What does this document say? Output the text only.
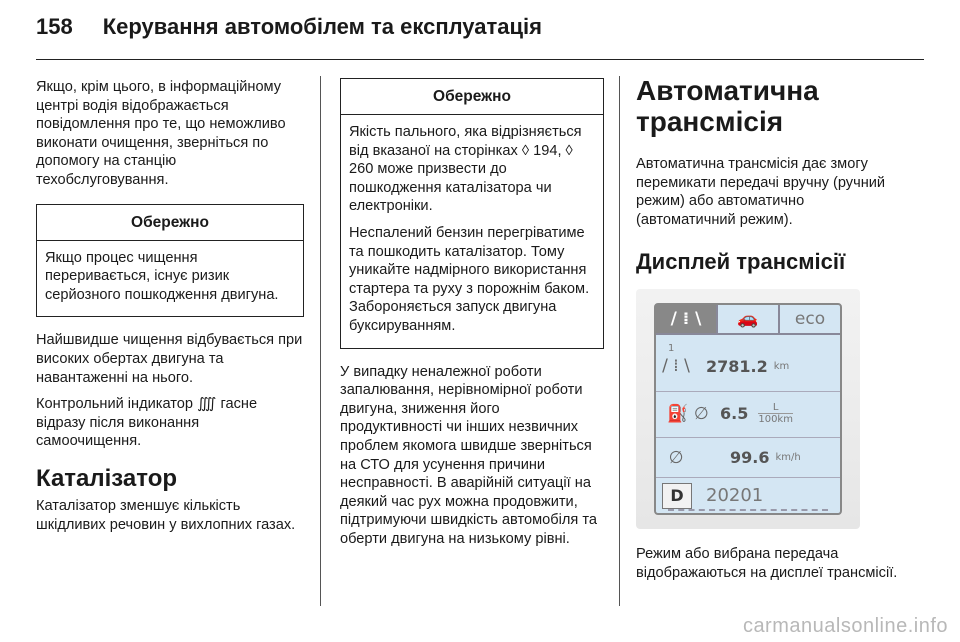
158 Керування автомобілем та експлуатація

Якщо, крім цього, в інформаційному центрі водія відображається повідомлення про те, що неможливо виконати очищення, зверніться по допомогу на станцію техобслуговування.

Обережно

Якщо процес чищення переривається, існує ризик серйозного пошкодження двигуна.

Найшвидше чищення відбувається при високих обертах двигуна та навантаженні на нього.

Контрольний індикатор ⨌ гасне відразу після виконання самоочищення.

Каталізатор

Каталізатор зменшує кількість шкідливих речовин у вихлопних газах.

Обережно

Якість пального, яка відрізняється від вказаної на сторінках ◊ 194, ◊ 260 може призвести до пошкодження каталізатора чи електроніки.

Неспалений бензин перегріватиме та пошкодить каталізатор. Тому уникайте надмірного використання стартера та руху з порожнім баком. Забороняється запуск двигуна буксируванням.

У випадку неналежної роботи запалювання, нерівномірної роботи двигуна, зниження його продуктивності чи інших незвичних проблем якомога швидше зверніться на СТО для усунення причини несправності. В аварійній ситуації на деякий час рух можна продовжити, підтримуючи швидкість автомобіля та оберти двигуна на низькому рівні.

Автоматична трансмісія

Автоматична трансмісія дає змогу перемикати передачі вручну (ручний режим) або автоматично (автоматичний режим).

Дисплей трансмісії
/ ⁞ \	🚗	eco
1
/ ⁞ \	2781.2 km
⛽ ∅ 6.5 L
100km
∅	99.6 km/h
D	20201

Режим або вибрана передача відображаються на дисплеї трансмісії.

carmanualsonline.info
